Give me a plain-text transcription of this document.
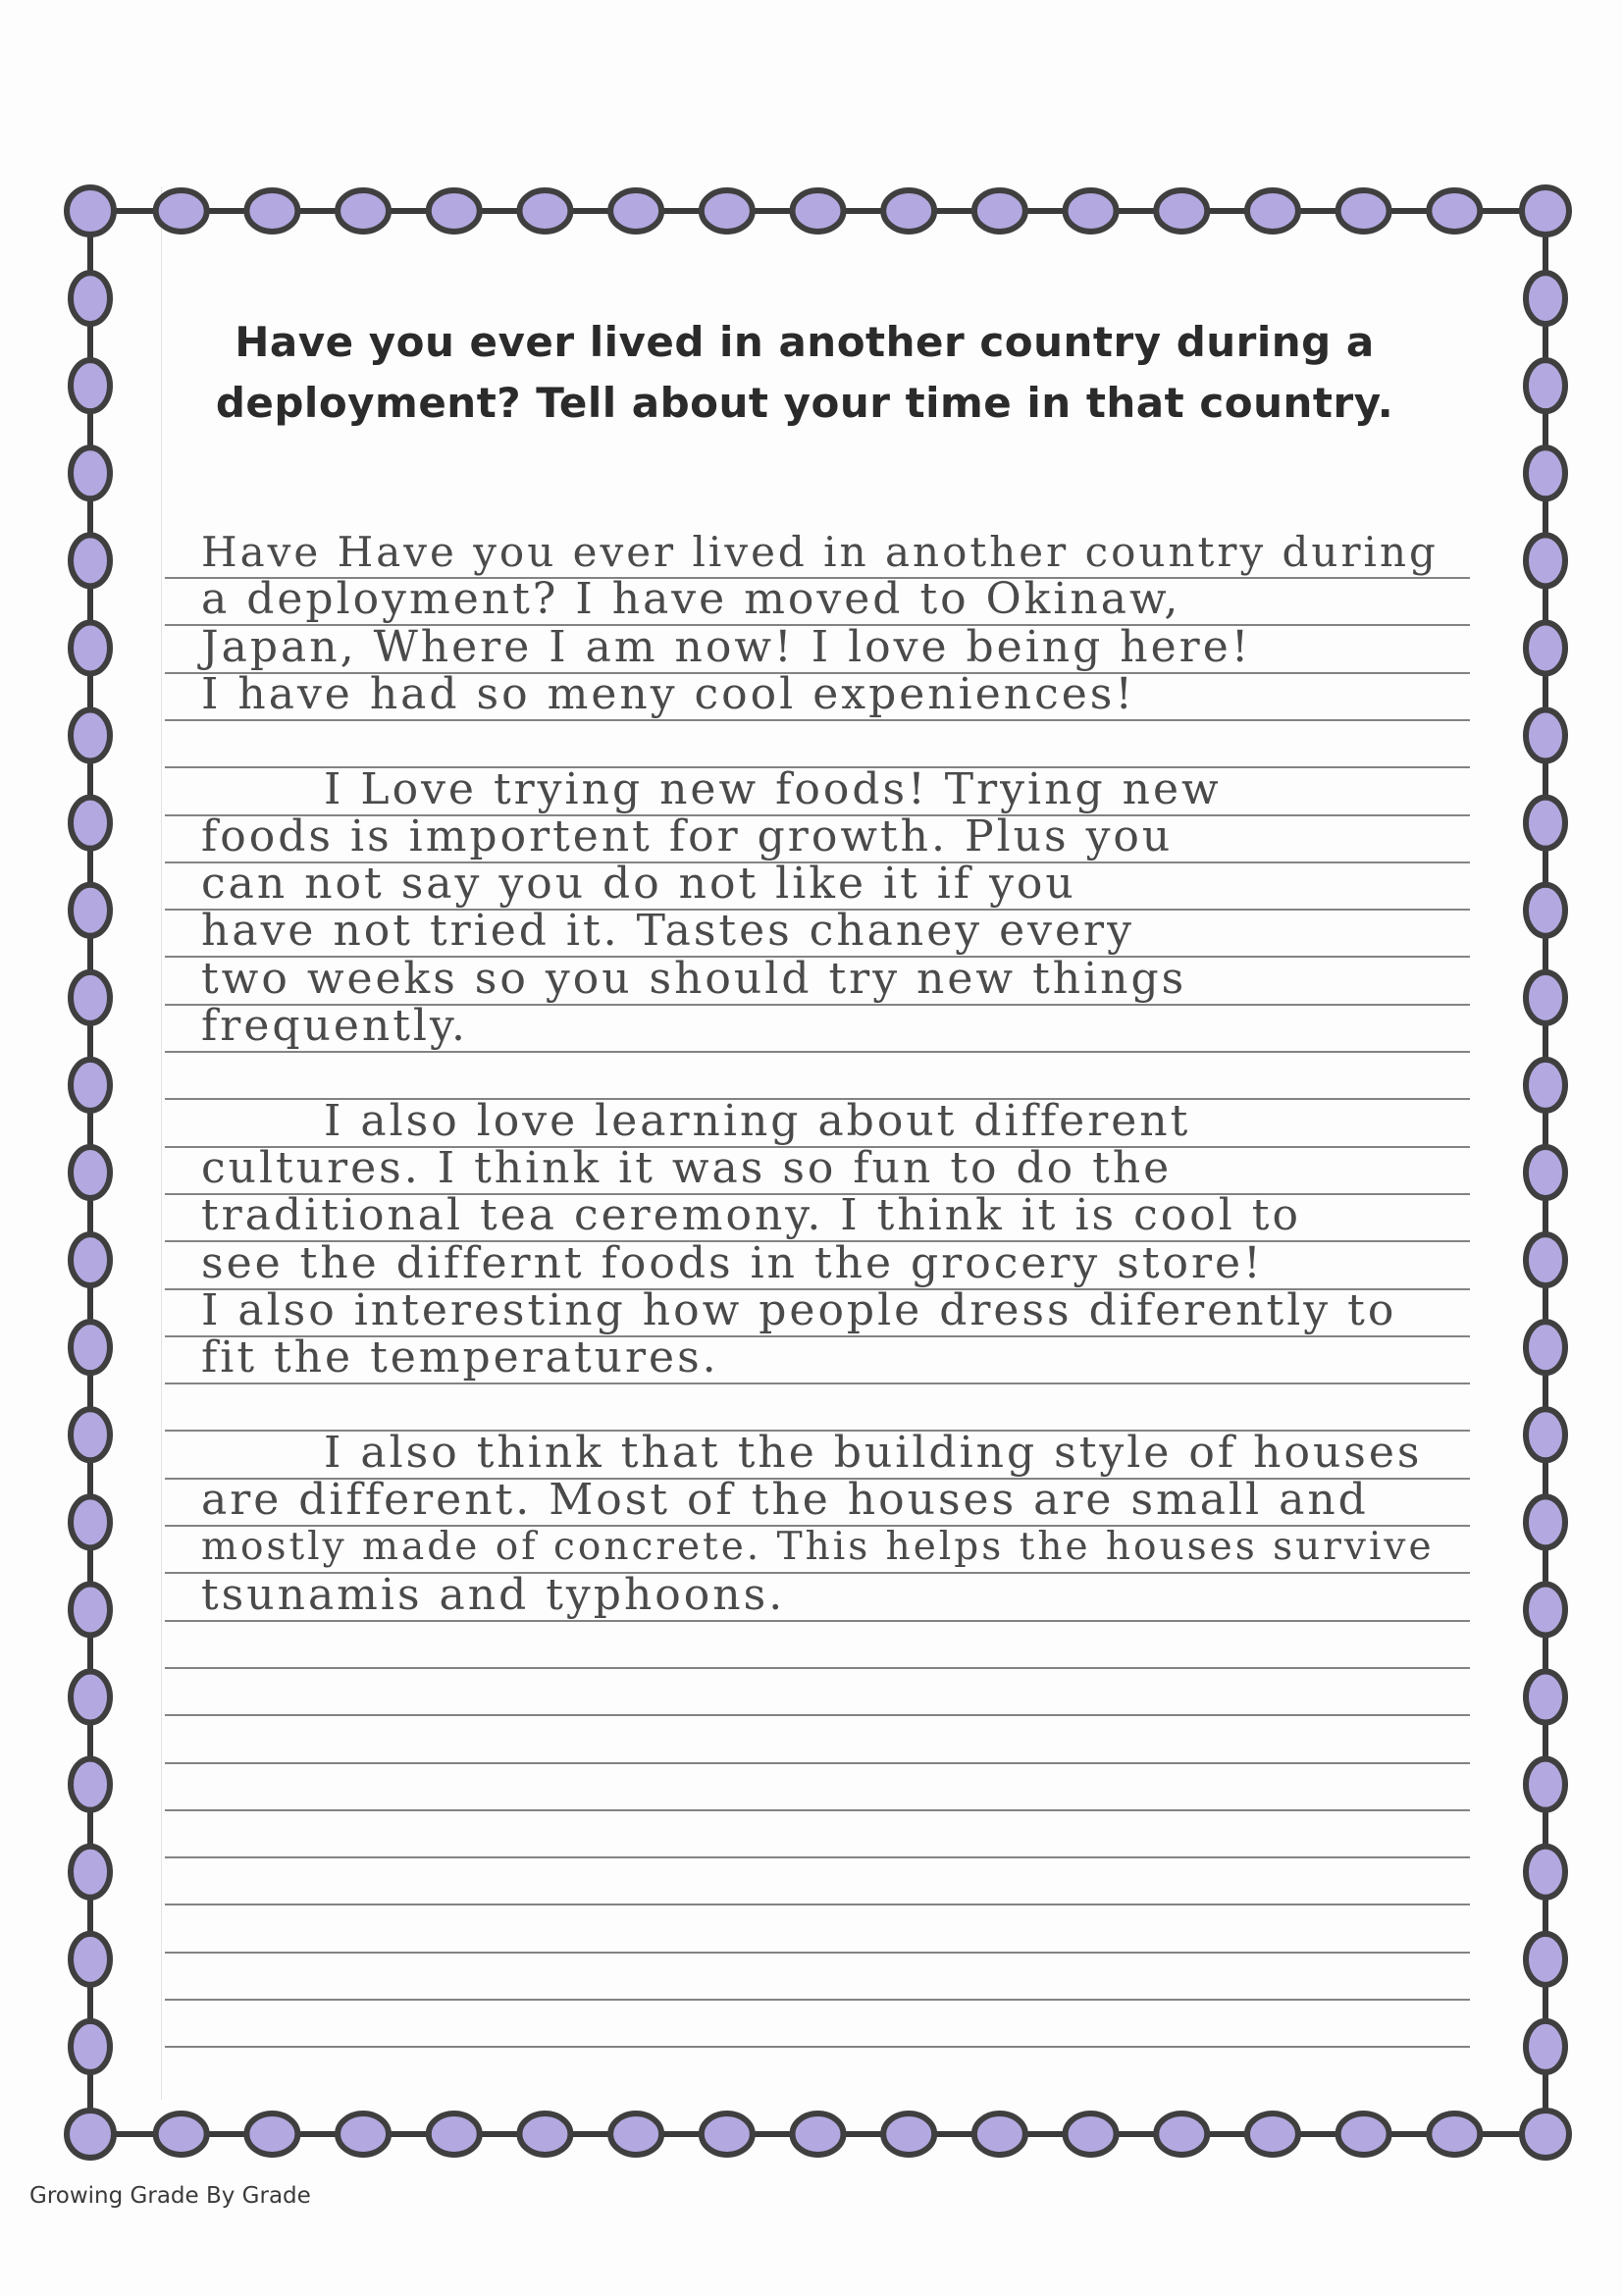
Have you ever lived in another country during a
deployment? Tell about your time in that country.
Have Have you ever lived in another country during
a deployment? I have moved to Okinaw,
Japan, Where I am now! I love being here!
I have had so meny cool expeniences!
I Love trying new foods! Trying new
foods is importent for growth. Plus you
can not say you do not like it if you
have not tried it. Tastes chaney every
two weeks so you should try new things
frequently.
I also love learning about different
cultures. I think it was so fun to do the
traditional tea ceremony. I think it is cool to
see the differnt foods in the grocery store!
I also interesting how people dress diferently to
fit the temperatures.
I also think that the building style of houses
are different. Most of the houses are small and
mostly made of concrete. This helps the houses survive
tsunamis and typhoons.
Growing Grade By Grade
